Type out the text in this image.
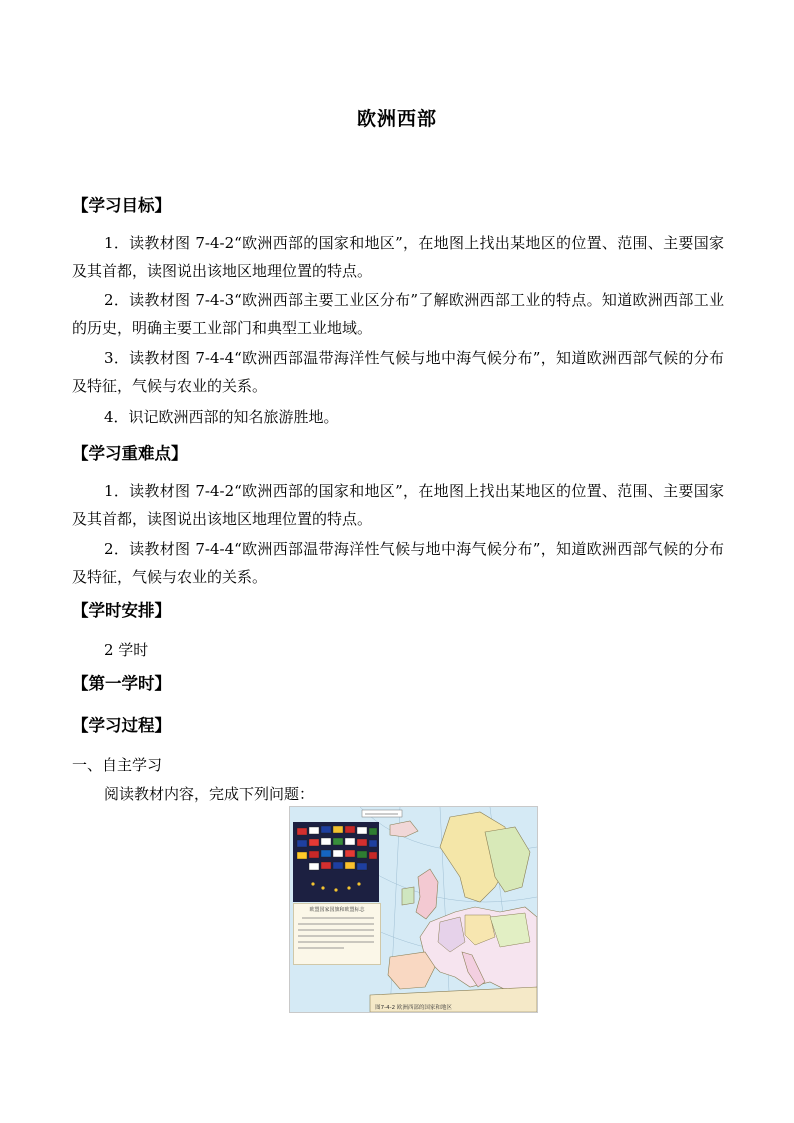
欧洲西部
【学习目标】
1．读教材图 7-4-2“欧洲西部的国家和地区”，在地图上找出某地区的位置、范围、主要国家及其首都，读图说出该地区地理位置的特点。
2．读教材图 7-4-3“欧洲西部主要工业区分布”了解欧洲西部工业的特点。知道欧洲西部工业的历史，明确主要工业部门和典型工业地域。
3．读教材图 7-4-4“欧洲西部温带海洋性气候与地中海气候分布”，知道欧洲西部气候的分布及特征，气候与农业的关系。
4．识记欧洲西部的知名旅游胜地。
【学习重难点】
1．读教材图 7-4-2“欧洲西部的国家和地区”，在地图上找出某地区的位置、范围、主要国家及其首都，读图说出该地区地理位置的特点。
2．读教材图 7-4-4“欧洲西部温带海洋性气候与地中海气候分布”，知道欧洲西部气候的分布及特征，气候与农业的关系。
【学时安排】
2 学时
【第一学时】
【学习过程】
一、自主学习
阅读教材内容，完成下列问题：
欧盟国家国旗和欧盟标志
图7-4-2 欧洲西部的国家和地区
